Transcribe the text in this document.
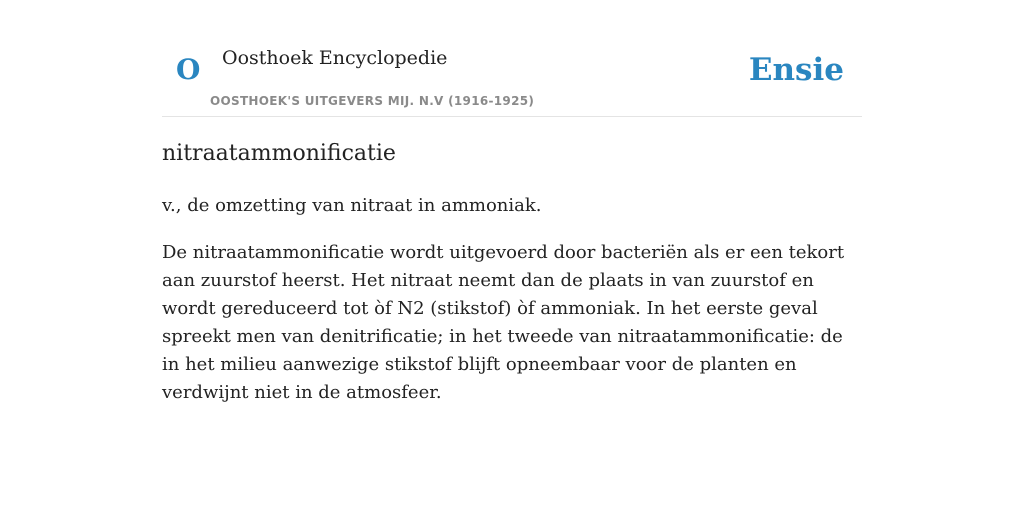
O Oosthoek Encyclopedie
OOSTHOEK'S UITGEVERS MIJ. N.V (1916-1925)
Ensie
nitraatammonificatie

v., de omzetting van nitraat in ammoniak.

De nitraatammonificatie wordt uitgevoerd door bacteriën als er een tekort aan zuurstof heerst. Het nitraat neemt dan de plaats in van zuurstof en wordt gereduceerd tot òf N2 (stikstof) òf ammoniak. In het eerste geval spreekt men van denitrificatie; in het tweede van nitraatammonificatie: de in het milieu aanwezige stikstof blijft opneembaar voor de planten en verdwijnt niet in de atmosfeer.
